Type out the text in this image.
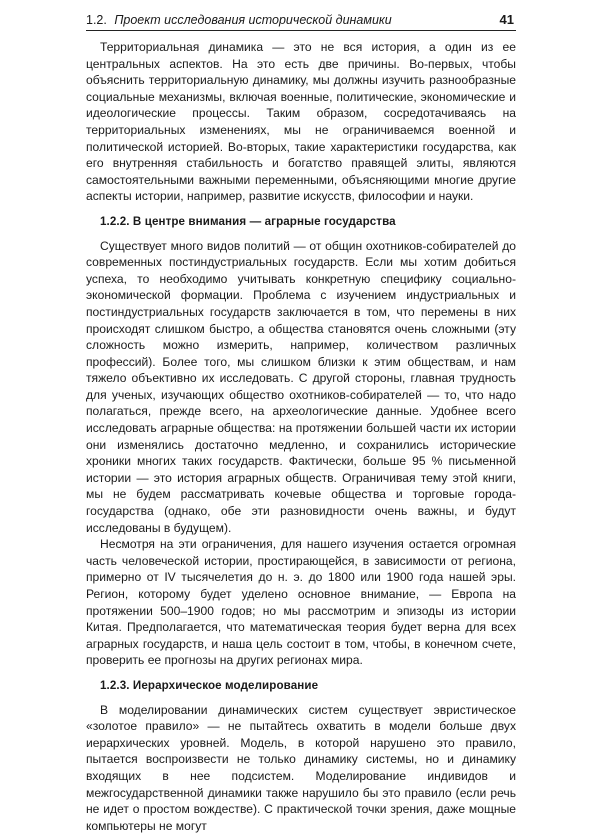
1.2. Проект исследования исторической динамики	41

Территориальная динамика — это не вся история, а один из ее центральных аспектов. На это есть две причины. Во-первых, чтобы объяснить территориальную динамику, мы должны изучить разнообразные социальные механизмы, включая военные, политические, экономические и идеологические процессы. Таким образом, сосредотачиваясь на территориальных изменениях, мы не ограничиваемся военной и политической историей. Во-вторых, такие характеристики государства, как его внутренняя стабильность и богатство правящей элиты, являются самостоятельными важными переменными, объясняющими многие другие аспекты истории, например, развитие искусств, философии и науки.

1.2.2. В центре внимания — аграрные государства

Существует много видов политий — от общин охотников-собирателей до современных постиндустриальных государств. Если мы хотим добиться успеха, то необходимо учитывать конкретную специфику социально-экономической формации. Проблема с изучением индустриальных и постиндустриальных государств заключается в том, что перемены в них происходят слишком быстро, а общества становятся очень сложными (эту сложность можно измерить, например, количеством различных профессий). Более того, мы слишком близки к этим обществам, и нам тяжело объективно их исследовать. С другой стороны, главная трудность для ученых, изучающих общество охотников-собирателей — то, что надо полагаться, прежде всего, на археологические данные. Удобнее всего исследовать аграрные общества: на протяжении большей части их истории они изменялись достаточно медленно, и сохранились исторические хроники многих таких государств. Фактически, больше 95 % письменной истории — это история аграрных обществ. Ограничивая тему этой книги, мы не будем рассматривать кочевые общества и торговые города-государства (однако, обе эти разновидности очень важны, и будут исследованы в будущем).

Несмотря на эти ограничения, для нашего изучения остается огромная часть человеческой истории, простирающейся, в зависимости от региона, примерно от IV тысячелетия до н. э. до 1800 или 1900 года нашей эры. Регион, которому будет уделено основное внимание, — Европа на протяжении 500–1900 годов; но мы рассмотрим и эпизоды из истории Китая. Предполагается, что математическая теория будет верна для всех аграрных государств, и наша цель состоит в том, чтобы, в конечном счете, проверить ее прогнозы на других регионах мира.

1.2.3. Иерархическое моделирование

В моделировании динамических систем существует эвристическое «золотое правило» — не пытайтесь охватить в модели больше двух иерархических уровней. Модель, в которой нарушено это правило, пытается воспроизвести не только динамику системы, но и динамику входящих в нее подсистем. Моделирование индивидов и межгосударственной динамики также нарушило бы это правило (если речь не идет о простом вождестве). С практической точки зрения, даже мощные компьютеры не могут
